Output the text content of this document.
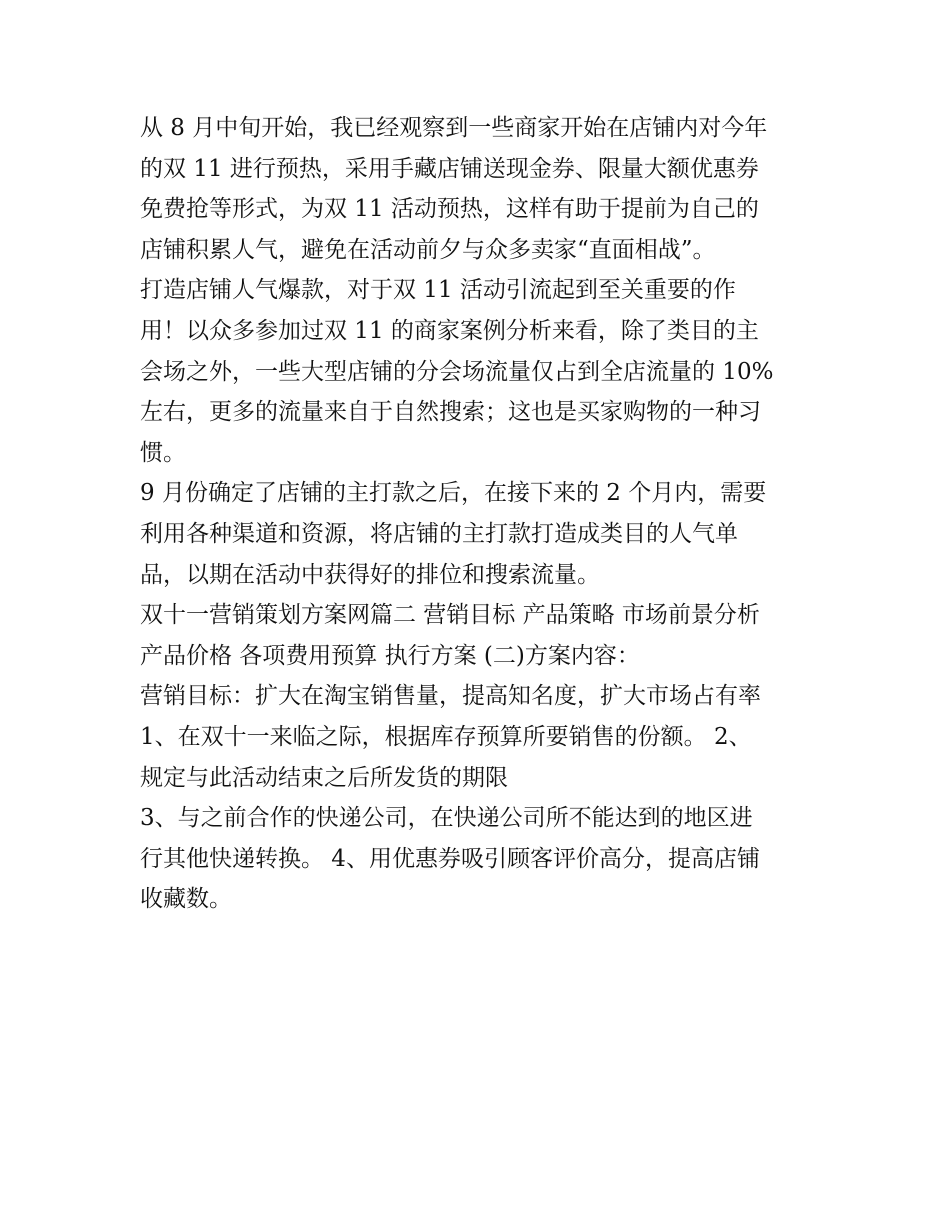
从 8 月中旬开始，我已经观察到一些商家开始在店铺内对今年
的双 11 进行预热，采用手藏店铺送现金券、限量大额优惠券
免费抢等形式，为双 11 活动预热，这样有助于提前为自己的
店铺积累人气，避免在活动前夕与众多卖家“直面相战”。
打造店铺人气爆款，对于双 11 活动引流起到至关重要的作
用！以众多参加过双 11 的商家案例分析来看，除了类目的主
会场之外，一些大型店铺的分会场流量仅占到全店流量的 10%
左右，更多的流量来自于自然搜索；这也是买家购物的一种习
惯。
9 月份确定了店铺的主打款之后，在接下来的 2 个月内，需要
利用各种渠道和资源，将店铺的主打款打造成类目的人气单
品，以期在活动中获得好的排位和搜索流量。
双十一营销策划方案网篇二 营销目标 产品策略 市场前景分析
产品价格 各项费用预算 执行方案 (二)方案内容：
营销目标：扩大在淘宝销售量，提高知名度，扩大市场占有率
1、在双十一来临之际，根据库存预算所要销售的份额。 2、
规定与此活动结束之后所发货的期限
3、与之前合作的快递公司，在快递公司所不能达到的地区进
行其他快递转换。 4、用优惠券吸引顾客评价高分，提高店铺
收藏数。
